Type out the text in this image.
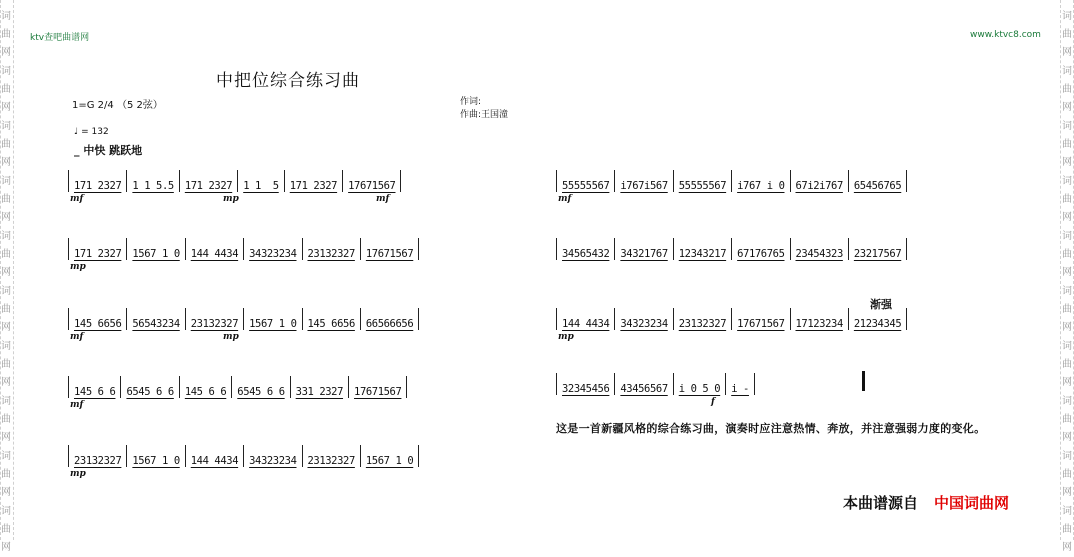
词
曲
网
词
曲
网
词
曲
网
词
曲
网
词
曲
网
词
曲
网
词
曲
网
词
曲
网
词
曲
网
词
曲
网
词
曲
网
词
曲
网
词
曲
网
词
曲
网
词
曲
网
词
曲
网
词
曲
网
词
曲
网
词
曲
网
词
曲
网
ktv查吧曲谱网	www.ktvc8.com
中把位综合练习曲
1=G 2/4 （5 2弦）	作词:
作曲:王国潼
♩ = 132
_ 中快 跳跃地
171 2327	1 1 5.5	171 2327	1 1  5	171 2327	17671567
mf	mp	mf
171 2327	1567 1 0	144 4434	34323234	23132327	17671567
mp
145 6656	56543234	23132327	1567 1 0	145 6656	66566656
mf	mp
145 6 6	6545 6 6	145 6 6	6545 6 6	331 2327	17671567
mf
23132327	1567 1 0	144 4434	34323234	23132327	1567 1 0
mp
55555567	i767i567	55555567	i767 i 0	67i2i767	65456765
mf
34565432	34321767	12343217	67176765	23454323	23217567
144 4434	34323234	23132327	17671567	17123234	21234345
mp
32345456	43456567	i 0 5 0	i -
f
渐强
这是一首新疆风格的综合练习曲，演奏时应注意热情、奔放，并注意强弱力度的变化。
本曲谱源自 中国词曲网
